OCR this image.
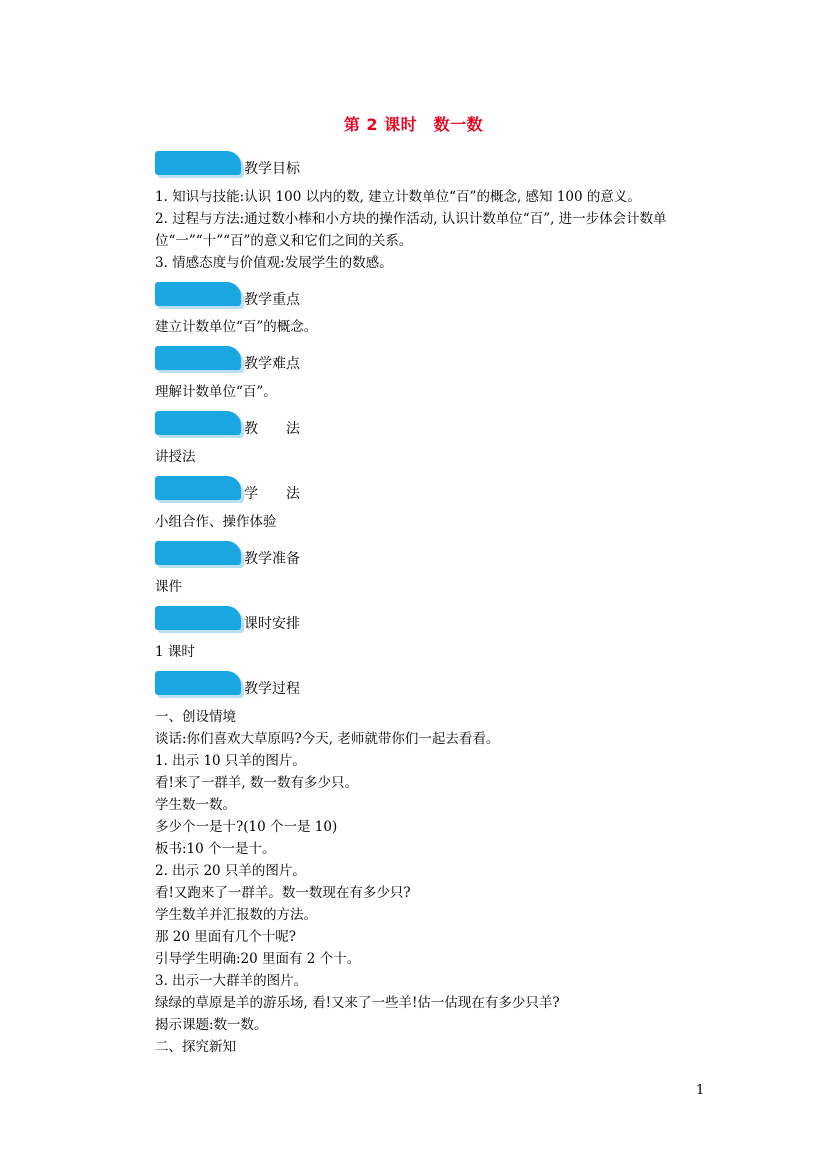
第 2 课时　数一数
教学目标
1. 知识与技能:认识 100 以内的数, 建立计数单位“百”的概念, 感知 100 的意义。
2. 过程与方法:通过数小棒和小方块的操作活动, 认识计数单位“百”, 进一步体会计数单位“一”“十”“百”的意义和它们之间的关系。
3. 情感态度与价值观:发展学生的数感。
教学重点
建立计数单位“百”的概念。
教学难点
理解计数单位“百”。
教　　法
讲授法
学　　法
小组合作、操作体验
教学准备
课件
课时安排
1 课时
教学过程
一、创设情境
谈话:你们喜欢大草原吗?今天, 老师就带你们一起去看看。
1. 出示 10 只羊的图片。
看!来了一群羊, 数一数有多少只。
学生数一数。
多少个一是十?(10 个一是 10)
板书:10 个一是十。
2. 出示 20 只羊的图片。
看!又跑来了一群羊。数一数现在有多少只?
学生数羊并汇报数的方法。
那 20 里面有几个十呢?
引导学生明确:20 里面有 2 个十。
3. 出示一大群羊的图片。
绿绿的草原是羊的游乐场, 看!又来了一些羊!估一估现在有多少只羊?
揭示课题:数一数。
二、探究新知
1
